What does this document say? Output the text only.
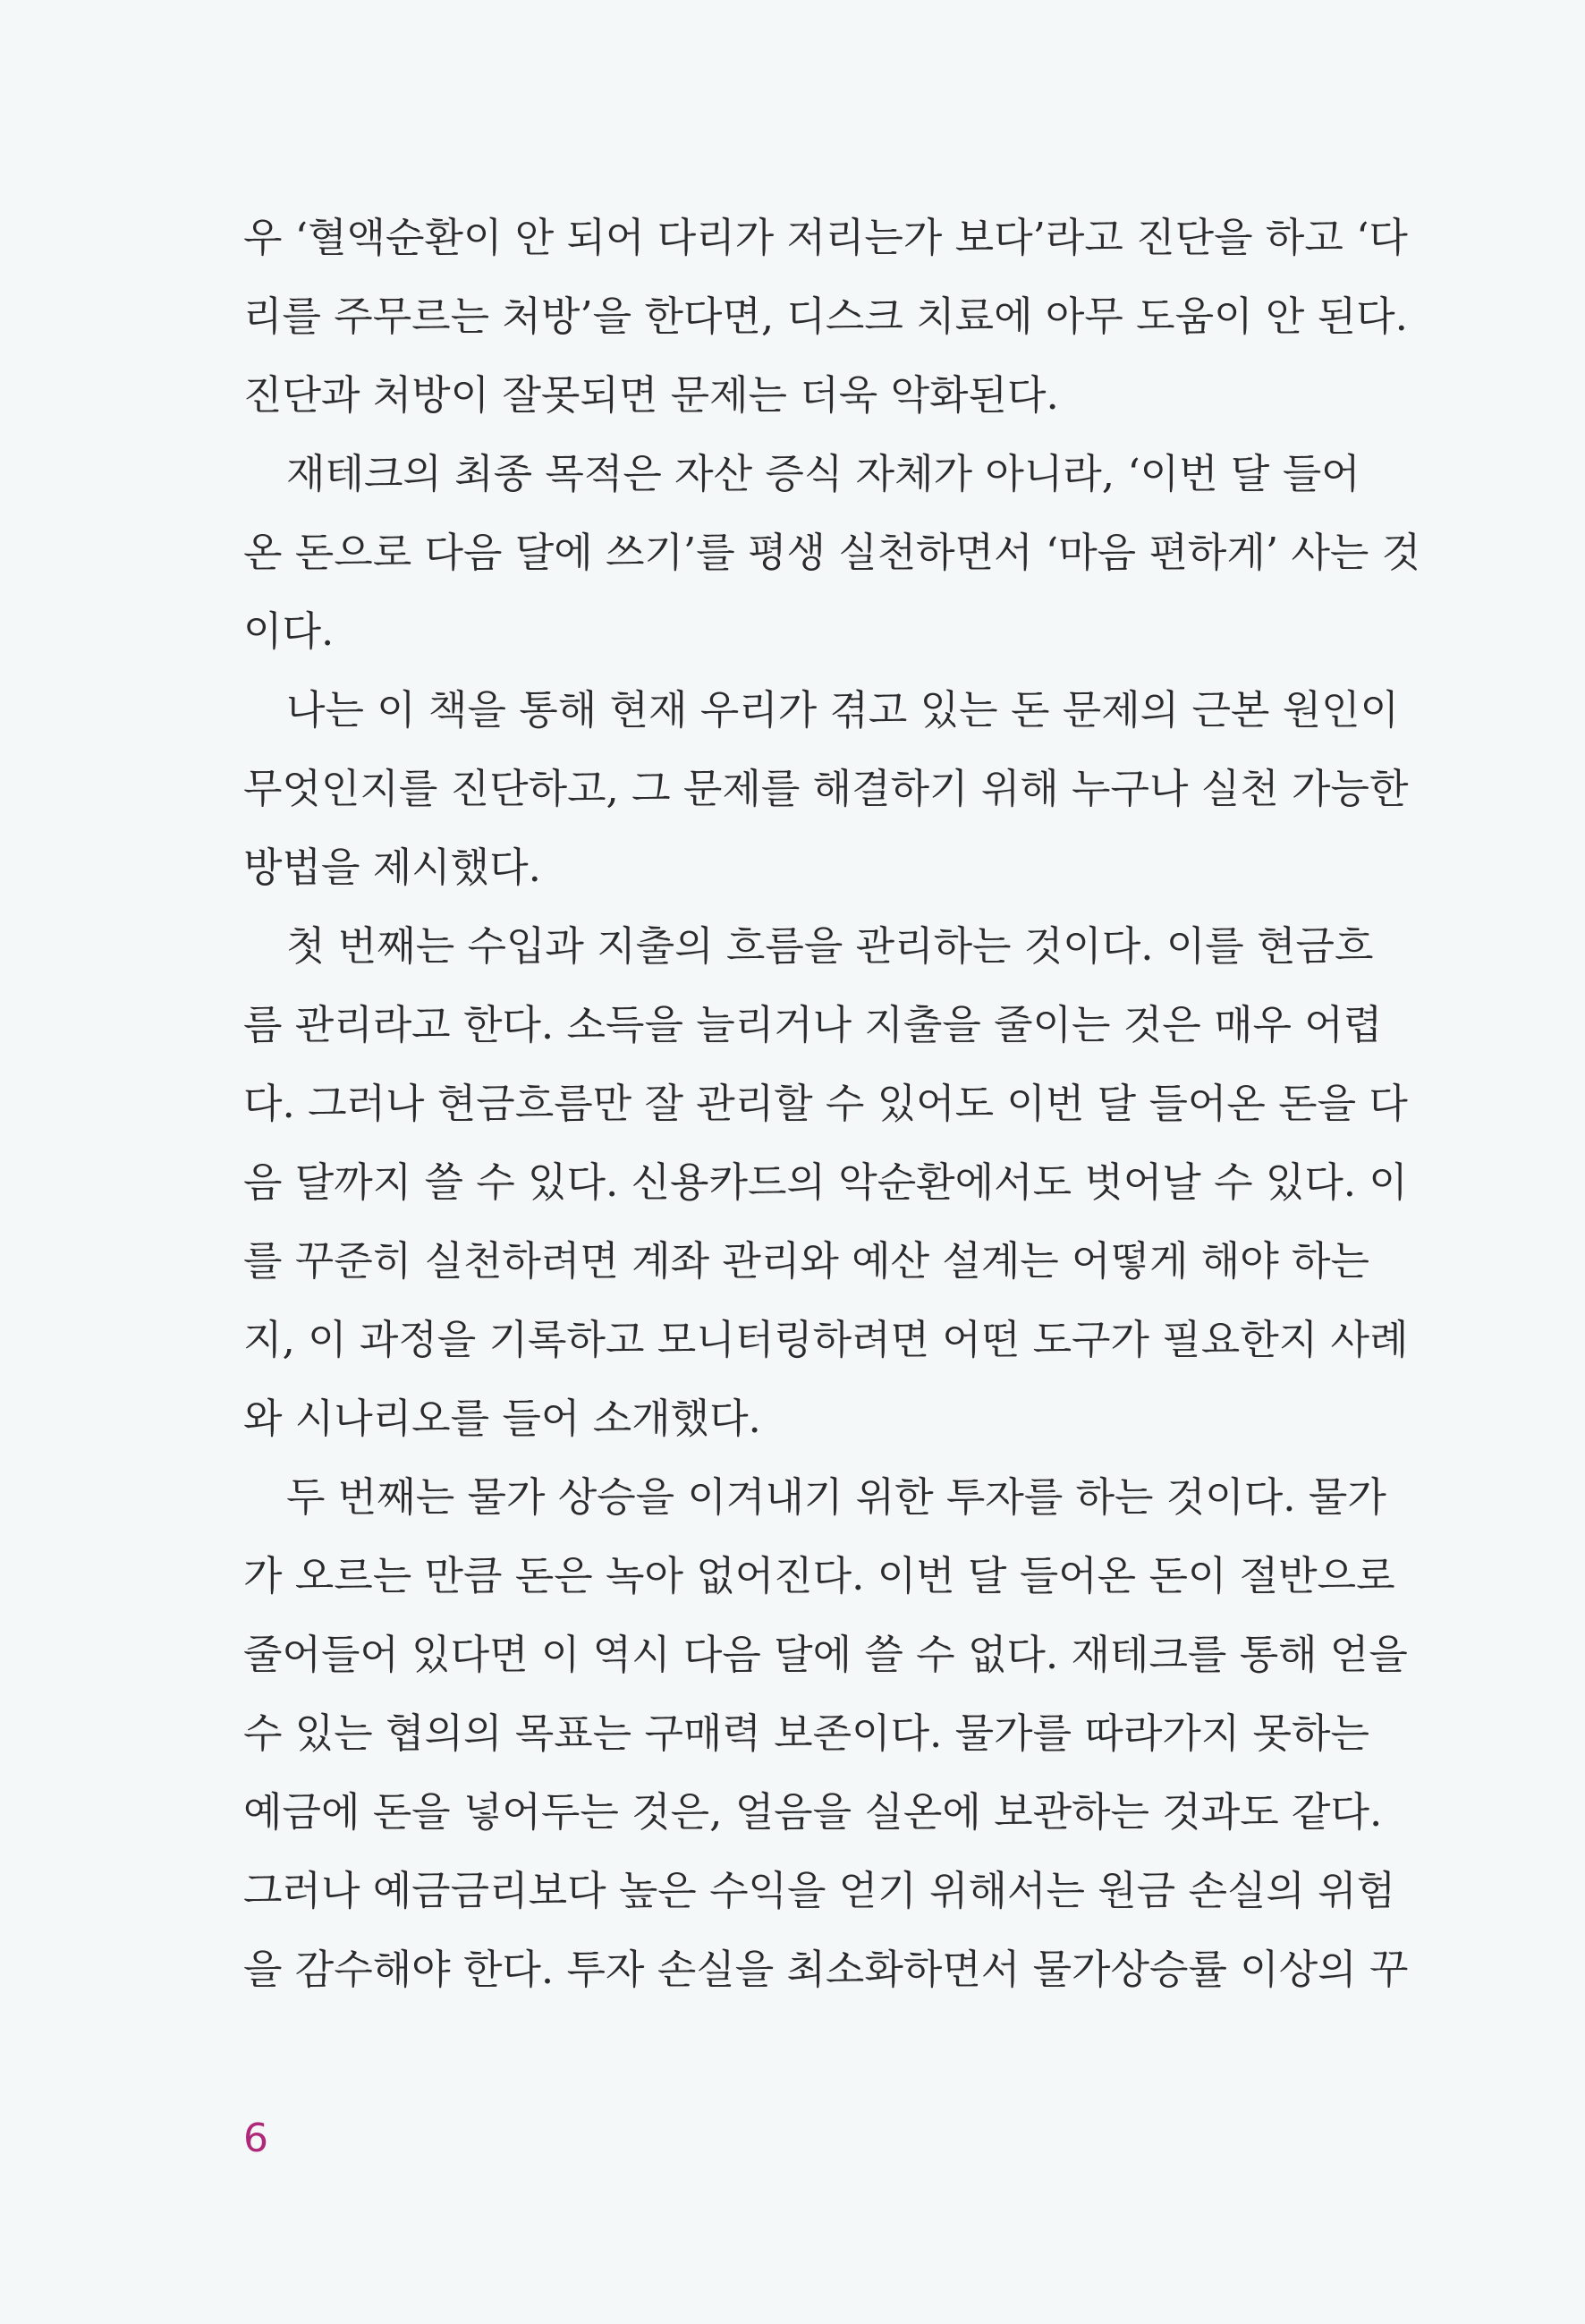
우 ‘혈액순환이 안 되어 다리가 저리는가 보다’라고 진단을 하고 ‘다
리를 주무르는 처방’을 한다면, 디스크 치료에 아무 도움이 안 된다.
진단과 처방이 잘못되면 문제는 더욱 악화된다.
재테크의 최종 목적은 자산 증식 자체가 아니라, ‘이번 달 들어
온 돈으로 다음 달에 쓰기’를 평생 실천하면서 ‘마음 편하게’ 사는 것
이다.
나는 이 책을 통해 현재 우리가 겪고 있는 돈 문제의 근본 원인이
무엇인지를 진단하고, 그 문제를 해결하기 위해 누구나 실천 가능한
방법을 제시했다.
첫 번째는 수입과 지출의 흐름을 관리하는 것이다. 이를 현금흐
름 관리라고 한다. 소득을 늘리거나 지출을 줄이는 것은 매우 어렵
다. 그러나 현금흐름만 잘 관리할 수 있어도 이번 달 들어온 돈을 다
음 달까지 쓸 수 있다. 신용카드의 악순환에서도 벗어날 수 있다. 이
를 꾸준히 실천하려면 계좌 관리와 예산 설계는 어떻게 해야 하는
지, 이 과정을 기록하고 모니터링하려면 어떤 도구가 필요한지 사례
와 시나리오를 들어 소개했다.
두 번째는 물가 상승을 이겨내기 위한 투자를 하는 것이다. 물가
가 오르는 만큼 돈은 녹아 없어진다. 이번 달 들어온 돈이 절반으로
줄어들어 있다면 이 역시 다음 달에 쓸 수 없다. 재테크를 통해 얻을
수 있는 협의의 목표는 구매력 보존이다. 물가를 따라가지 못하는
예금에 돈을 넣어두는 것은, 얼음을 실온에 보관하는 것과도 같다.
그러나 예금금리보다 높은 수익을 얻기 위해서는 원금 손실의 위험
을 감수해야 한다. 투자 손실을 최소화하면서 물가상승률 이상의 꾸
6
